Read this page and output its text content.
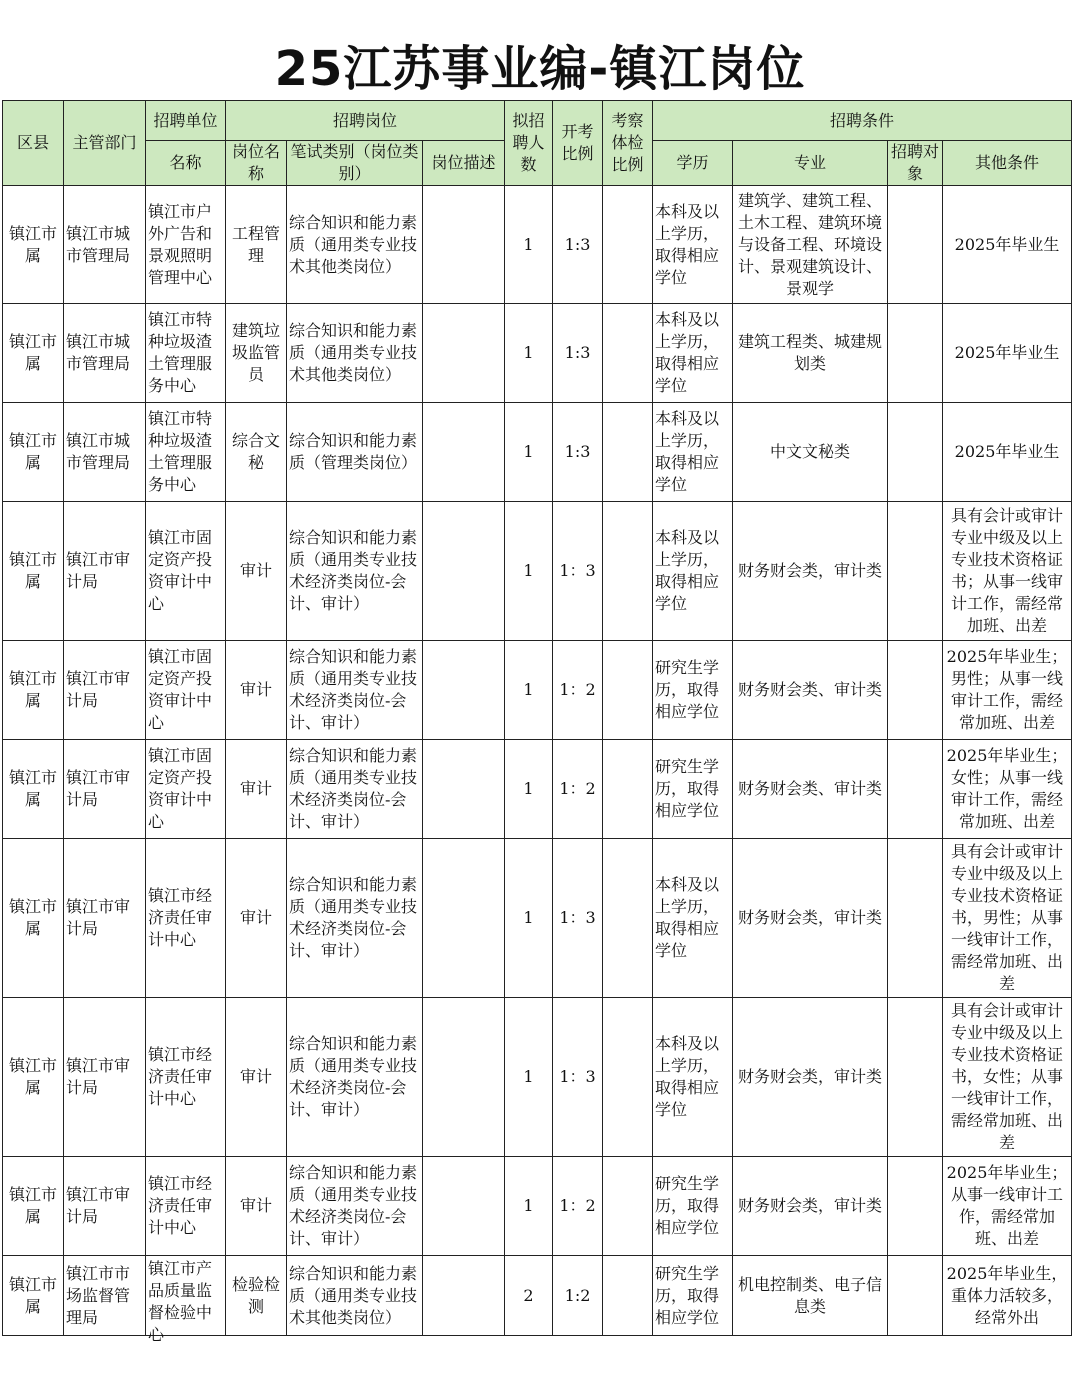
25江苏事业编-镇江岗位
区县	主管部门	招聘单位	招聘岗位			拟招聘人数	开考比例	考察体检比例	招聘条件			
		名称	岗位名称	笔试类别（岗位类别）	岗位描述				学历	专业	招聘对象	其他条件

镇江市属	镇江市城市管理局	镇江市户外广告和景观照明管理中心	工程管理	综合知识和能力素质（通用类专业技术其他类岗位）		1	1:3		本科及以上学历，取得相应学位	建筑学、建筑工程、土木工程、建筑环境与设备工程、环境设计、景观建筑设计、景观学		2025年毕业生

镇江市属	镇江市城市管理局	镇江市特种垃圾渣土管理服务中心	建筑垃圾监管员	综合知识和能力素质（通用类专业技术其他类岗位）		1	1:3		本科及以上学历，取得相应学位	建筑工程类、城建规划类		2025年毕业生

镇江市属	镇江市城市管理局	镇江市特种垃圾渣土管理服务中心	综合文秘	综合知识和能力素质（管理类岗位）		1	1:3		本科及以上学历，取得相应学位	中文文秘类		2025年毕业生

镇江市属	镇江市审计局	镇江市固定资产投资审计中心	审计	综合知识和能力素质（通用类专业技术经济类岗位-会计、审计）		1	1：3		本科及以上学历，取得相应学位	财务财会类，审计类		具有会计或审计专业中级及以上专业技术资格证书；从事一线审计工作，需经常加班、出差

镇江市属	镇江市审计局	镇江市固定资产投资审计中心	审计	综合知识和能力素质（通用类专业技术经济类岗位-会计、审计）		1	1：2		研究生学历，取得相应学位	财务财会类、审计类		2025年毕业生；男性；从事一线审计工作，需经常加班、出差

镇江市属	镇江市审计局	镇江市固定资产投资审计中心	审计	综合知识和能力素质（通用类专业技术经济类岗位-会计、审计）		1	1：2		研究生学历，取得相应学位	财务财会类、审计类		2025年毕业生；女性；从事一线审计工作，需经常加班、出差

镇江市属	镇江市审计局	镇江市经济责任审计中心	审计	综合知识和能力素质（通用类专业技术经济类岗位-会计、审计）		1	1：3		本科及以上学历，取得相应学位	财务财会类，审计类		具有会计或审计专业中级及以上专业技术资格证书，男性；从事一线审计工作，需经常加班、出差

镇江市属	镇江市审计局	镇江市经济责任审计中心	审计	综合知识和能力素质（通用类专业技术经济类岗位-会计、审计）		1	1：3		本科及以上学历，取得相应学位	财务财会类，审计类		具有会计或审计专业中级及以上专业技术资格证书，女性；从事一线审计工作，需经常加班、出差

镇江市属	镇江市审计局	镇江市经济责任审计中心	审计	综合知识和能力素质（通用类专业技术经济类岗位-会计、审计）		1	1：2		研究生学历，取得相应学位	财务财会类，审计类		2025年毕业生；从事一线审计工作，需经常加班、出差

镇江市属	镇江市市场监督管理局	镇江市产品质量监督检验中心	检验检测	综合知识和能力素质（通用类专业技术其他类岗位）		2	1:2		研究生学历，取得相应学位	机电控制类、电子信息类		2025年毕业生，重体力活较多，经常外出
